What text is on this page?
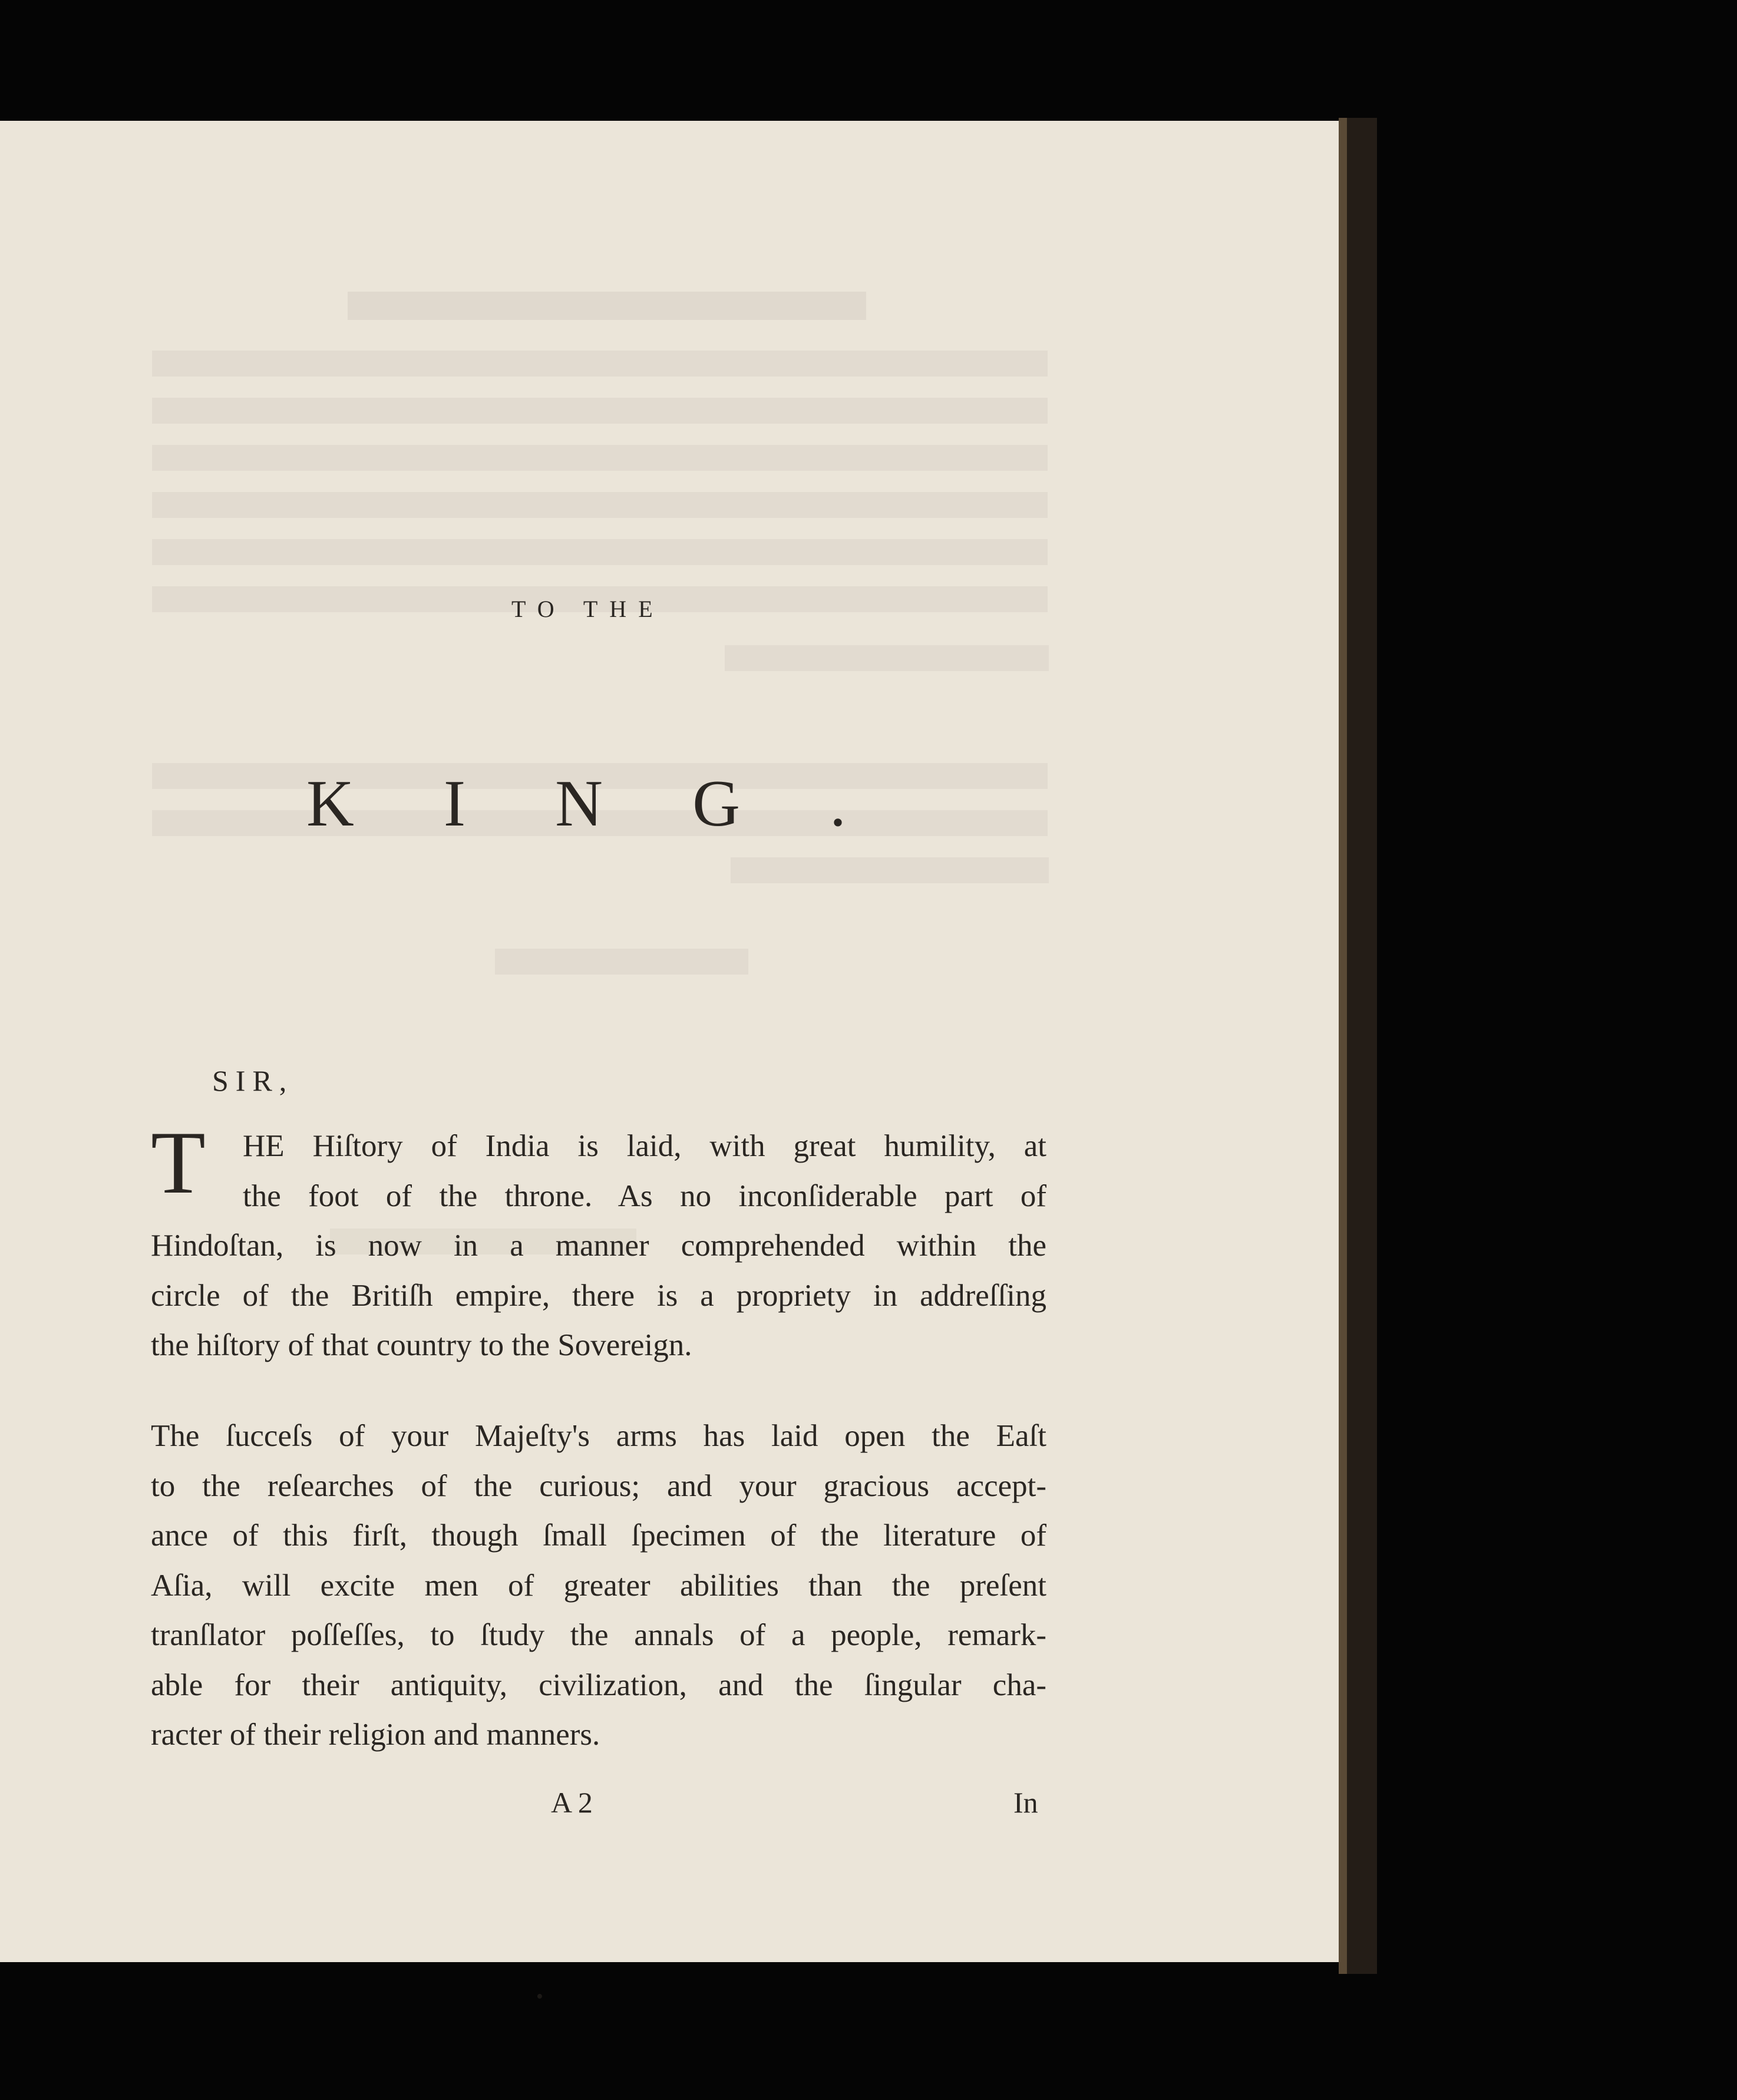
TO THE
KING.
SIR,
T HE Hiſtory of India is laid, with great humility, at
the foot of the throne. As no inconſiderable part of
Hindoſtan, is now in a manner comprehended within the
circle of the Britiſh empire, there is a propriety in addreſſing
the hiſtory of that country to the Sovereign.
The ſucceſs of your Majeſty's arms has laid open the Eaſt
to the reſearches of the curious; and your gracious accept-
ance of this firſt, though ſmall ſpecimen of the literature of
Aſia, will excite men of greater abilities than the preſent
tranſlator poſſeſſes, to ſtudy the annals of a people, remark-
able for their antiquity, civilization, and the ſingular cha-
racter of their religion and manners.
A 2	In
•
